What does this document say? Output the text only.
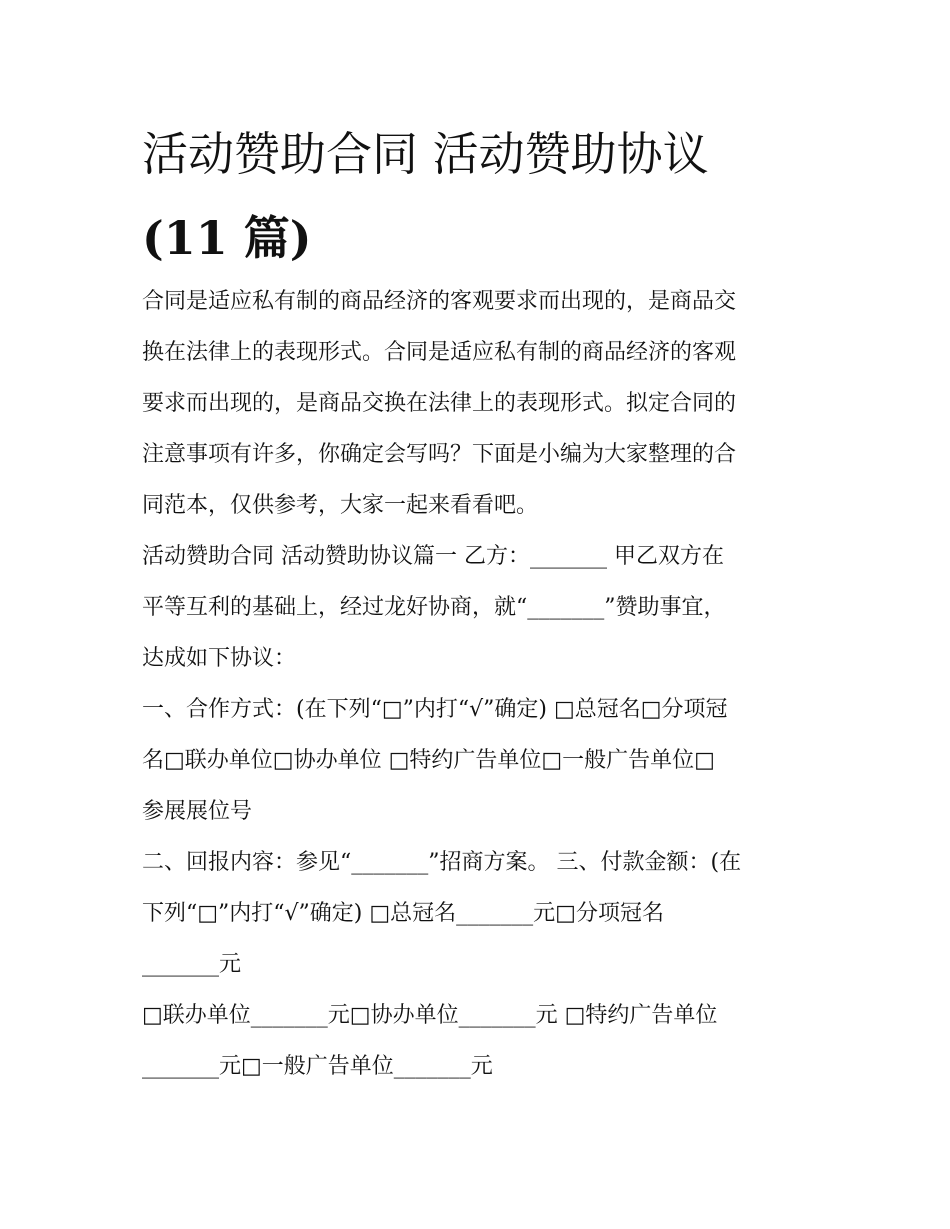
活动赞助合同 活动赞助协议
(11 篇)

合同是适应私有制的商品经济的客观要求而出现的，是商品交
换在法律上的表现形式。合同是适应私有制的商品经济的客观
要求而出现的，是商品交换在法律上的表现形式。拟定合同的
注意事项有许多，你确定会写吗？下面是小编为大家整理的合
同范本，仅供参考，大家一起来看看吧。

活动赞助合同 活动赞助协议篇一 乙方：_______ 甲乙双方在
平等互利的基础上，经过龙好协商，就“_______”赞助事宜，
达成如下协议：

一、合作方式：(在下列“□”内打“√”确定) □总冠名□分项冠
名□联办单位□协办单位 □特约广告单位□一般广告单位□
参展展位号

二、回报内容：参见“_______”招商方案。 三、付款金额：(在
下列“□”内打“√”确定) □总冠名_______元□分项冠名
_______元

□联办单位_______元□协办单位_______元 □特约广告单位
_______元□一般广告单位_______元
